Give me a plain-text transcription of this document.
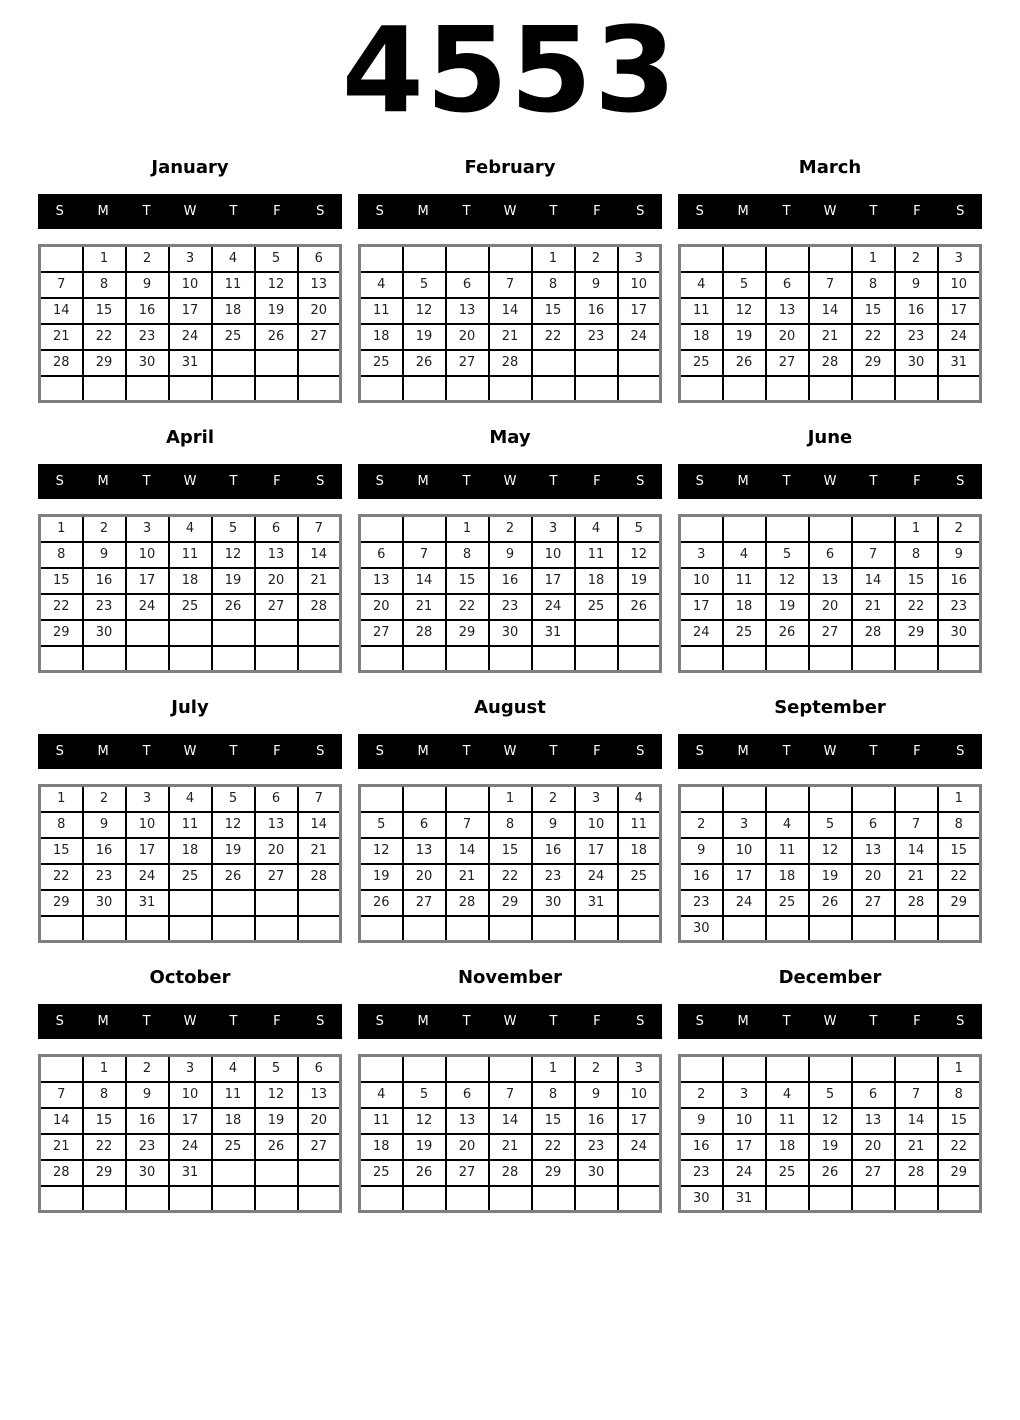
4553
January
S	M	T	W	T	F	S
	1	2	3	4	5	6
7	8	9	10	11	12	13
14	15	16	17	18	19	20
21	22	23	24	25	26	27
28	29	30	31			

February
S	M	T	W	T	F	S
				1	2	3
4	5	6	7	8	9	10
11	12	13	14	15	16	17
18	19	20	21	22	23	24
25	26	27	28			

March
S	M	T	W	T	F	S
				1	2	3
4	5	6	7	8	9	10
11	12	13	14	15	16	17
18	19	20	21	22	23	24
25	26	27	28	29	30	31

April
S	M	T	W	T	F	S
1	2	3	4	5	6	7
8	9	10	11	12	13	14
15	16	17	18	19	20	21
22	23	24	25	26	27	28
29	30					

May
S	M	T	W	T	F	S
		1	2	3	4	5
6	7	8	9	10	11	12
13	14	15	16	17	18	19
20	21	22	23	24	25	26
27	28	29	30	31		

June
S	M	T	W	T	F	S
					1	2
3	4	5	6	7	8	9
10	11	12	13	14	15	16
17	18	19	20	21	22	23
24	25	26	27	28	29	30

July
S	M	T	W	T	F	S
1	2	3	4	5	6	7
8	9	10	11	12	13	14
15	16	17	18	19	20	21
22	23	24	25	26	27	28
29	30	31				

August
S	M	T	W	T	F	S
			1	2	3	4
5	6	7	8	9	10	11
12	13	14	15	16	17	18
19	20	21	22	23	24	25
26	27	28	29	30	31	

September
S	M	T	W	T	F	S
						1
2	3	4	5	6	7	8
9	10	11	12	13	14	15
16	17	18	19	20	21	22
23	24	25	26	27	28	29
30						
October
S	M	T	W	T	F	S
	1	2	3	4	5	6
7	8	9	10	11	12	13
14	15	16	17	18	19	20
21	22	23	24	25	26	27
28	29	30	31			

November
S	M	T	W	T	F	S
				1	2	3
4	5	6	7	8	9	10
11	12	13	14	15	16	17
18	19	20	21	22	23	24
25	26	27	28	29	30	

December
S	M	T	W	T	F	S
						1
2	3	4	5	6	7	8
9	10	11	12	13	14	15
16	17	18	19	20	21	22
23	24	25	26	27	28	29
30	31					
